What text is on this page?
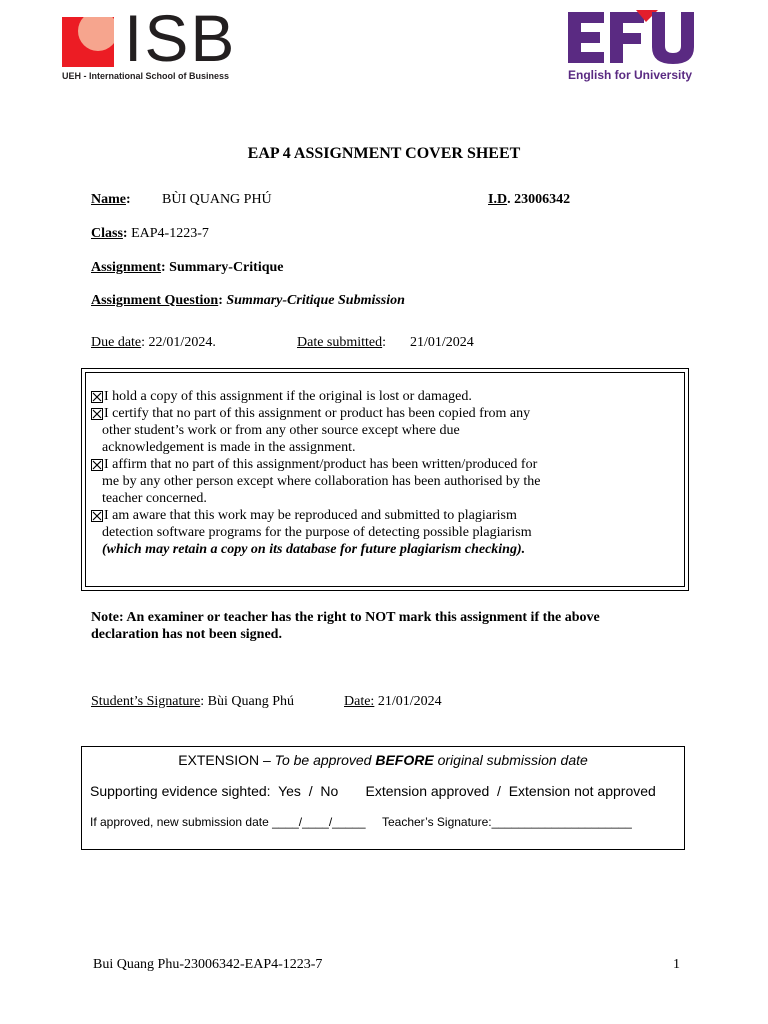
ISB
UEH - International School of Business	English for University
EAP 4 ASSIGNMENT COVER SHEET
Name: BÙI QUANG PHÚ	I.D. 23006342
Class: EAP4-1223-7
Assignment: Summary-Critique
Assignment Question: Summary-Critique Submission
Due date: 22/01/2024.	Date submitted: 21/01/2024
I hold a copy of this assignment if the original is lost or damaged.
I certify that no part of this assignment or product has been copied from any
other student’s work or from any other source except where due
acknowledgement is made in the assignment.
I affirm that no part of this assignment/product has been written/produced for
me by any other person except where collaboration has been authorised by the
teacher concerned.
I am aware that this work may be reproduced and submitted to plagiarism
detection software programs for the purpose of detecting possible plagiarism
(which may retain a copy on its database for future plagiarism checking).
Note: An examiner or teacher has the right to NOT mark this assignment if the above
declaration has not been signed.
Student’s Signature: Bùi Quang Phú	Date: 21/01/2024
EXTENSION – To be approved BEFORE original submission date
Supporting evidence sighted:  Yes  /  No       Extension approved  /  Extension not approved
If approved, new submission date ____/____/_____     Teacher’s Signature:_____________________
Bui Quang Phu-23006342-EAP4-1223-7	1
